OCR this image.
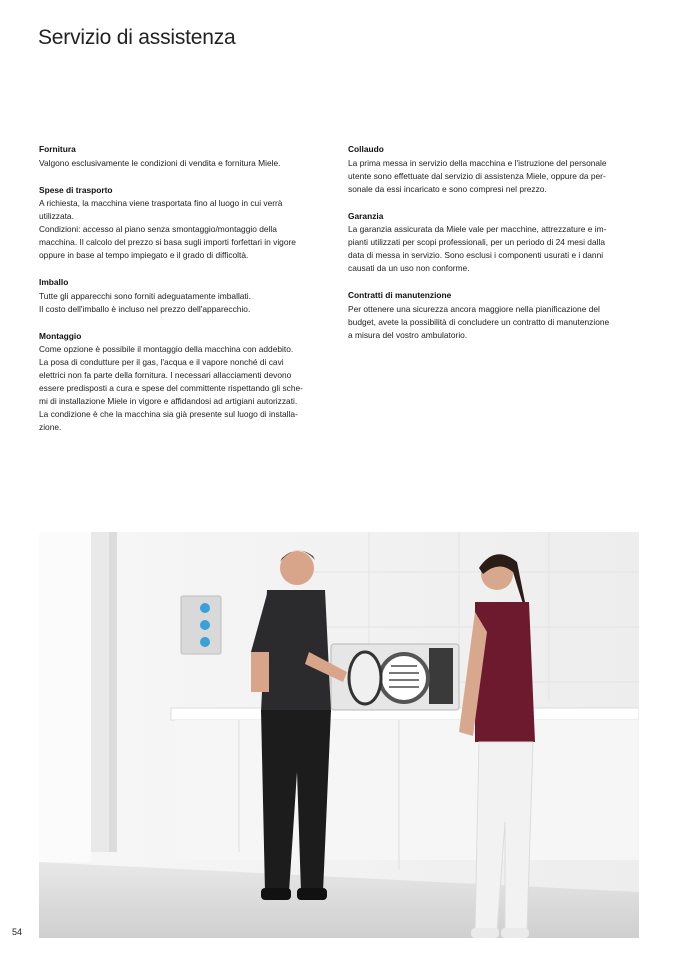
Servizio di assistenza
Fornitura

Valgono esclusivamente le condizioni di vendita e fornitura Miele.

Spese di trasporto

A richiesta, la macchina viene trasportata fino al luogo in cui verrà
utilizzata.
Condizioni: accesso al piano senza smontaggio/montaggio della
macchina. Il calcolo del prezzo si basa sugli importi forfettari in vigore
oppure in base al tempo impiegato e il grado di difficoltà.

Imballo

Tutte gli apparecchi sono forniti adeguatamente imballati.
Il costo dell'imballo è incluso nel prezzo dell'apparecchio.

Montaggio

Come opzione è possibile il montaggio della macchina con addebito.
La posa di condutture per il gas, l'acqua e il vapore nonché di cavi
elettrici non fa parte della fornitura. I necessari allacciamenti devono
essere predisposti a cura e spese del committente rispettando gli sche-
mi di installazione Miele in vigore e affidandosi ad artigiani autorizzati.
La condizione è che la macchina sia già presente sul luogo di installa-
zione.

Collaudo

La prima messa in servizio della macchina e l'istruzione del personale
utente sono effettuate dal servizio di assistenza Miele, oppure da per-
sonale da essi incaricato e sono compresi nel prezzo.

Garanzia

La garanzia assicurata da Miele vale per macchine, attrezzature e im-
pianti utilizzati per scopi professionali, per un periodo di 24 mesi dalla
data di messa in servizio. Sono esclusi i componenti usurati e i danni
causati da un uso non conforme.

Contratti di manutenzione

Per ottenere una sicurezza ancora maggiore nella pianificazione del
budget, avete la possibilità di concludere un contratto di manutenzione
a misura del vostro ambulatorio.

54
